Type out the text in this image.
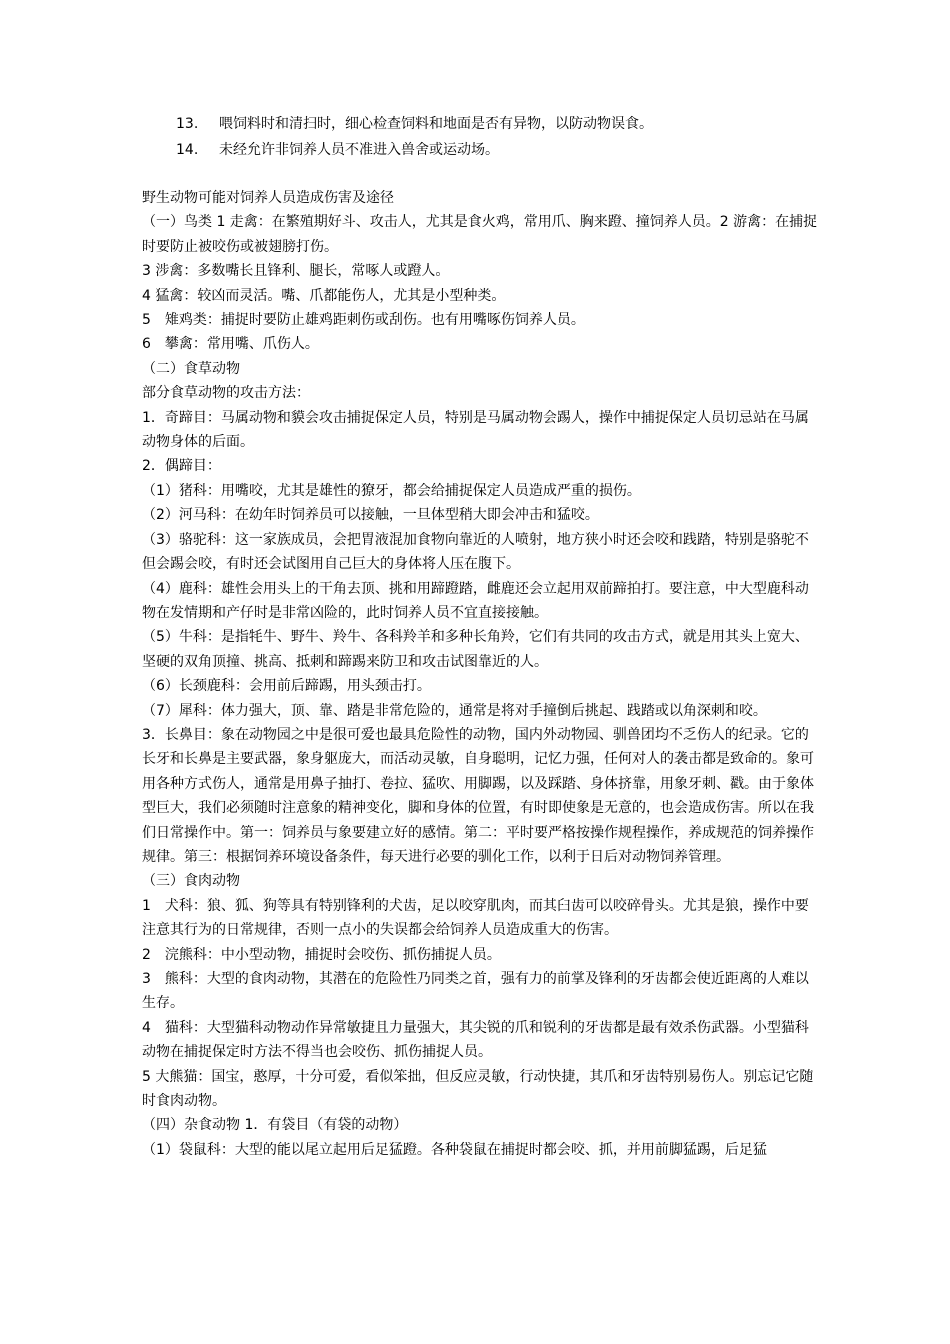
13. 喂饲料时和清扫时，细心检查饲料和地面是否有异物，以防动物误食。
14. 未经允许非饲养人员不准进入兽舍或运动场。

野生动物可能对饲养人员造成伤害及途径

（一）鸟类 1 走禽：在繁殖期好斗、攻击人，尤其是食火鸡，常用爪、胸来蹬、撞饲养人员。2 游禽：在捕捉时要防止被咬伤或被翅膀打伤。

3 涉禽：多数嘴长且锋利、腿长，常啄人或蹬人。

4 猛禽：较凶而灵活。嘴、爪都能伤人，尤其是小型种类。

5　雉鸡类：捕捉时要防止雄鸡距刺伤或刮伤。也有用嘴啄伤饲养人员。

6　攀禽：常用嘴、爪伤人。

（二）食草动物

部分食草动物的攻击方法：

1．奇蹄目：马属动物和貘会攻击捕捉保定人员，特别是马属动物会踢人，操作中捕捉保定人员切忌站在马属动物身体的后面。

2．偶蹄目：

（1）猪科：用嘴咬，尤其是雄性的獠牙，都会给捕捉保定人员造成严重的损伤。

（2）河马科：在幼年时饲养员可以接触，一旦体型稍大即会冲击和猛咬。

（3）骆驼科：这一家族成员，会把胃液混加食物向靠近的人喷射，地方狭小时还会咬和践踏，特别是骆驼不但会踢会咬，有时还会试图用自己巨大的身体将人压在腹下。

（4）鹿科：雄性会用头上的干角去顶、挑和用蹄蹬踏，雌鹿还会立起用双前蹄拍打。要注意，中大型鹿科动物在发情期和产仔时是非常凶险的，此时饲养人员不宜直接接触。

（5）牛科：是指牦牛、野牛、羚牛、各科羚羊和多种长角羚，它们有共同的攻击方式，就是用其头上宽大、坚硬的双角顶撞、挑高、抵刺和蹄踢来防卫和攻击试图靠近的人。

（6）长颈鹿科：会用前后蹄踢，用头颈击打。

（7）犀科：体力强大，顶、靠、踏是非常危险的，通常是将对手撞倒后挑起、践踏或以角深刺和咬。

3．长鼻目：象在动物园之中是很可爱也最具危险性的动物，国内外动物园、驯兽团均不乏伤人的纪录。它的长牙和长鼻是主要武器，象身躯庞大，而活动灵敏，自身聪明，记忆力强，任何对人的袭击都是致命的。象可用各种方式伤人，通常是用鼻子抽打、卷拉、猛吹、用脚踢，以及踩踏、身体挤靠，用象牙刺、戳。由于象体型巨大，我们必须随时注意象的精神变化，脚和身体的位置，有时即使象是无意的，也会造成伤害。所以在我们日常操作中。第一：饲养员与象要建立好的感情。第二：平时要严格按操作规程操作，养成规范的饲养操作规律。第三：根据饲养环境设备条件，每天进行必要的驯化工作，以利于日后对动物饲养管理。

（三）食肉动物

1　犬科：狼、狐、狗等具有特别锋利的犬齿，足以咬穿肌肉，而其臼齿可以咬碎骨头。尤其是狼，操作中要注意其行为的日常规律，否则一点小的失误都会给饲养人员造成重大的伤害。

2　浣熊科：中小型动物，捕捉时会咬伤、抓伤捕捉人员。

3　熊科：大型的食肉动物，其潜在的危险性乃同类之首，强有力的前掌及锋利的牙齿都会使近距离的人难以生存。

4　猫科：大型猫科动物动作异常敏捷且力量强大，其尖锐的爪和锐利的牙齿都是最有效杀伤武器。小型猫科动物在捕捉保定时方法不得当也会咬伤、抓伤捕捉人员。

5 大熊猫：国宝，憨厚，十分可爱，看似笨拙，但反应灵敏，行动快捷，其爪和牙齿特别易伤人。别忘记它随时食肉动物。

（四）杂食动物 1．有袋目（有袋的动物）

（1）袋鼠科：大型的能以尾立起用后足猛蹬。各种袋鼠在捕捉时都会咬、抓，并用前脚猛踢，后足猛
